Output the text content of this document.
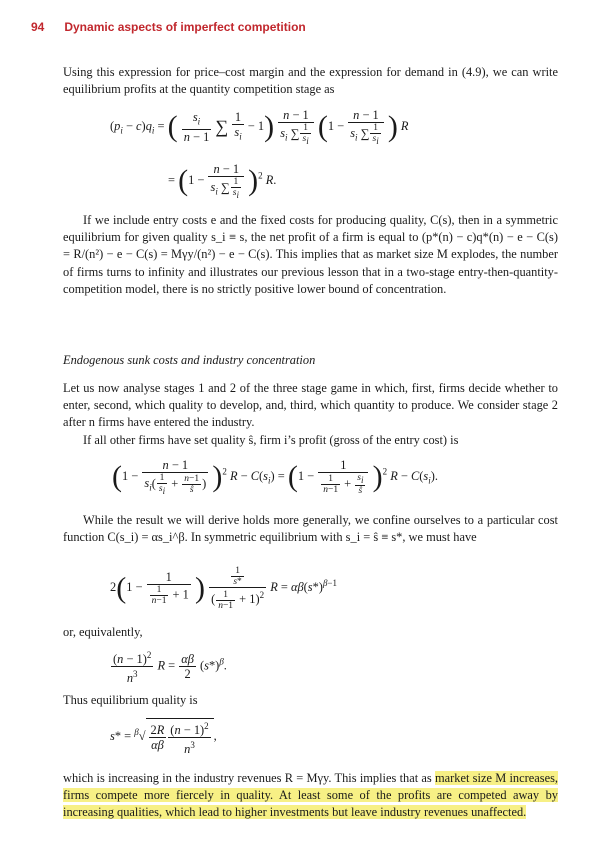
94 Dynamic aspects of imperfect competition

Using this expression for price–cost margin and the expression for demand in (4.9), we can write equilibrium profits at the quantity competition stage as

$(p_i - c)q_i$ = ( $\frac{s_i}{n - 1}$ ∑ $\frac{1}{s_i} - 1) \frac{n - 1}{s_i \sum \frac{1}{si}} (1 - \frac{n - 1}{s_i \sum \frac{1}{si}}$ ) R
= $(1 - \frac{n - 1}{s_i \sum \frac{1}{si}} )^2$ R.

If we include entry costs e and the fixed costs for producing quality, C(s), then in a symmetric equilibrium for given quality s_i ≡ s, the net profit of a firm is equal to (p*(n) − c)q*(n) − e − C(s) = R/(n²) − e − C(s) = Mγy/(n²) − e − C(s). This implies that as market size M explodes, the number of firms turns to infinity and illustrates our previous lesson that in a two-stage entry-then-quantity-competition model, there is no strictly positive lower bound of concentration.

Endogenous sunk costs and industry concentration

Let us now analyse stages 1 and 2 of the three stage game in which, first, firms decide whether to enter, second, which quality to develop, and, third, which quantity to produce. We consider stage 2 after n firms have entered the industry.

If all other firms have set quality ŝ, firm i’s profit (gross of the entry cost) is

$(1 - \frac{n - 1}{s_i( \frac{1}{si} + \frac{n-1}{ŝ} )} )^2$ $R - C(s_i) = (1 - \frac{1}{\frac{1}{n-1} + \frac{si}{ŝ}} )^2$ $R - C(s_i)$.

While the result we will derive holds more generally, we confine ourselves to a particular cost function C(s_i) = αs_i^β. In symmetric equilibrium with s_i = ŝ ≡ s*, we must have

$2(1 - \frac{1}{\frac{1}{n-1} + 1}$ ) $\frac{\frac{1}{s*}}{( \frac{1}{n-1} + 1)^2}$ $R = \alpha\beta(s*)^{\beta-1}$

or, equivalently,

$\frac{(n - 1)^2}{n^3}$ $R = \frac{\alpha\beta}{2} (s*)^\beta$.

Thus equilibrium quality is

$s* = ^\beta√ \frac{2R}{\alpha\beta} \frac{(n - 1)^2}{n^3}$ ,

which is increasing in the industry revenues R = Mγy. This implies that as market size M increases, firms compete more fiercely in quality. At least some of the profits are competed away by increasing qualities, which lead to higher investments but leave industry revenues unaffected.
